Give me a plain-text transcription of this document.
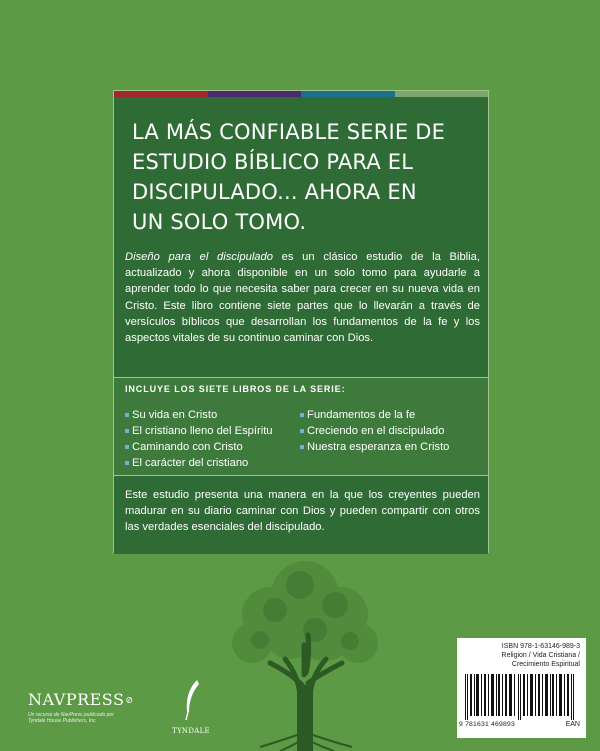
LA MÁS CONFIABLE SERIE DE
ESTUDIO BÍBLICO PARA EL
DISCIPULADO... AHORA EN
UN SOLO TOMO.

Diseño para el discipulado es un clásico estudio de la Biblia, actualizado y ahora disponible en un solo tomo para ayudarle a aprender todo lo que necesita saber para crecer en su nueva vida en Cristo. Este libro contiene siete partes que lo llevarán a través de versículos bíblicos que desarrollan los fundamentos de la fe y los aspectos vitales de su continuo caminar con Dios.

INCLUYE LOS SIETE LIBROS DE LA SERIE:
Su vida en Cristo
El cristiano lleno del Espíritu
Caminando con Cristo
El carácter del cristiano
Fundamentos de la fe
Creciendo en el discipulado
Nuestra esperanza en Cristo

Este estudio presenta una manera en la que los creyentes pueden madurar en su diario caminar con Dios y pueden compartir con otros las verdades esenciales del discipulado.

NAVPRESS
Un recurso de NavPress publicado por
Tyndale House Publishers, Inc.
TYNDALE
ISBN 978-1-63146-989-3
Religion / Vida Cristiana /
Crecimiento Espiritual
9 781631 469893	EAN
